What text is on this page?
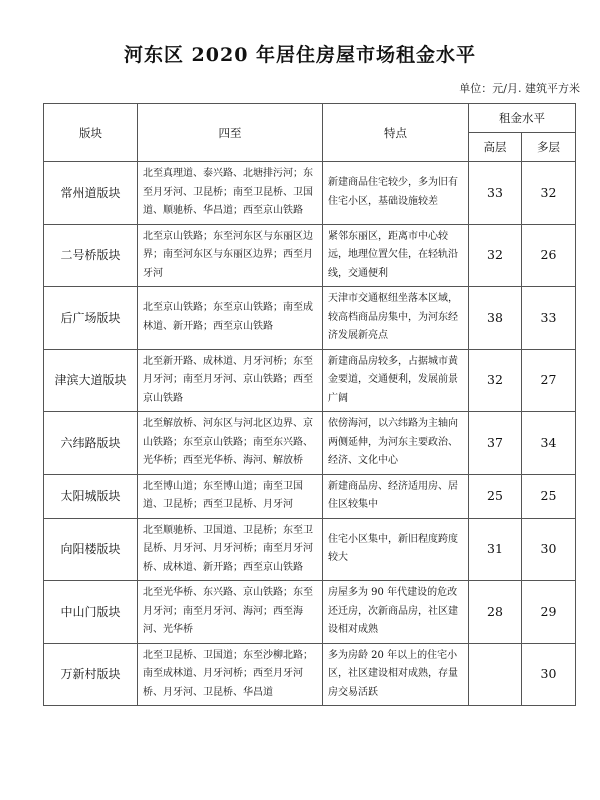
河东区 2020 年居住房屋市场租金水平
单位：元/月. 建筑平方米
版块	四至	特点	租金水平	
			高层	多层
常州道版块	北至真理道、泰兴路、北塘排污河；东至月牙河、卫昆桥；南至卫昆桥、卫国道、顺驰桥、华昌道；西至京山铁路	新建商品住宅较少，多为旧有住宅小区，基础设施较差	33	32
二号桥版块	北至京山铁路；东至河东区与东丽区边界；南至河东区与东丽区边界；西至月牙河	紧邻东丽区，距离市中心较远，地理位置欠佳，在轻轨沿线，交通便利	32	26
后广场版块	北至京山铁路；东至京山铁路；南至成林道、新开路；西至京山铁路	天津市交通枢纽坐落本区域，较高档商品房集中，为河东经济发展新亮点	38	33
津滨大道版块	北至新开路、成林道、月牙河桥；东至月牙河；南至月牙河、京山铁路；西至京山铁路	新建商品房较多，占据城市黄金要道，交通便利，发展前景广阔	32	27
六纬路版块	北至解放桥、河东区与河北区边界、京山铁路；东至京山铁路；南至东兴路、光华桥；西至光华桥、海河、解放桥	依傍海河，以六纬路为主轴向两侧延伸，为河东主要政治、经济、文化中心	37	34
太阳城版块	北至博山道；东至博山道；南至卫国道、卫昆桥；西至卫昆桥、月牙河	新建商品房、经济适用房、居住区较集中	25	25
向阳楼版块	北至顺驰桥、卫国道、卫昆桥；东至卫昆桥、月牙河、月牙河桥；南至月牙河桥、成林道、新开路；西至京山铁路	住宅小区集中，新旧程度跨度较大	31	30
中山门版块	北至光华桥、东兴路、京山铁路；东至月牙河；南至月牙河、海河；西至海河、光华桥	房屋多为 90 年代建设的危改还迁房，次新商品房，社区建设相对成熟	28	29
万新村版块	北至卫昆桥、卫国道；东至沙柳北路；南至成林道、月牙河桥；西至月牙河桥、月牙河、卫昆桥、华昌道	多为房龄 20 年以上的住宅小区，社区建设相对成熟，存量房交易活跃		30
